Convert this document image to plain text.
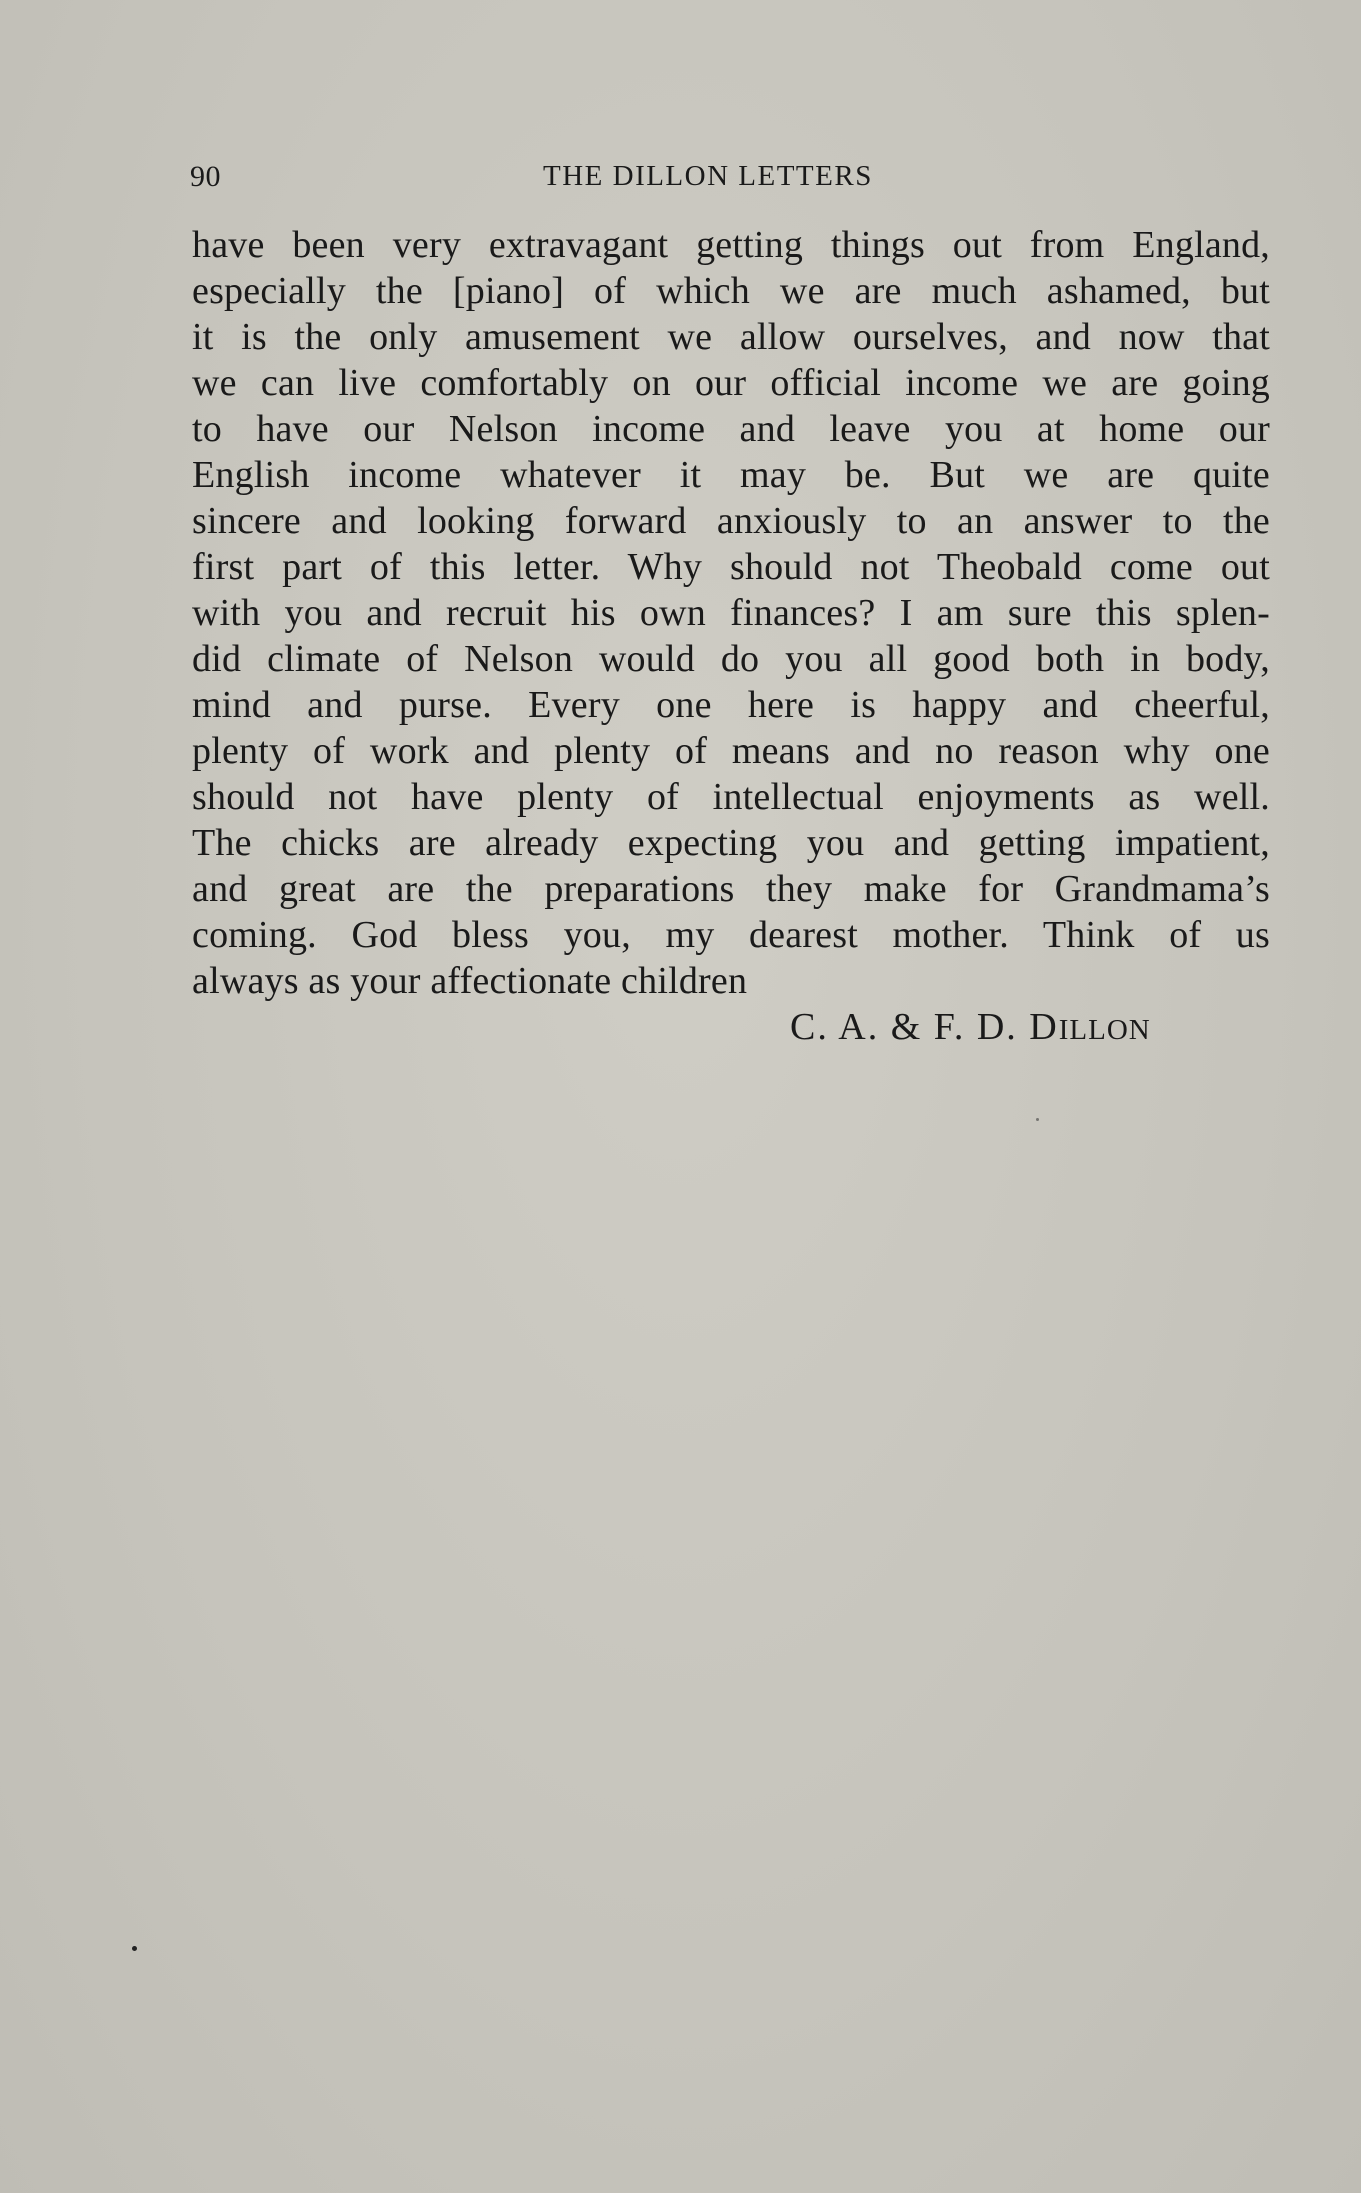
90	THE DILLON LETTERS
have been very extravagant getting things out from England,
especially the [piano] of which we are much ashamed, but
it is the only amusement we allow ourselves, and now that
we can live comfortably on our official income we are going
to have our Nelson income and leave you at home our
English income whatever it may be. But we are quite
sincere and looking forward anxiously to an answer to the
first part of this letter. Why should not Theobald come out
with you and recruit his own finances? I am sure this splen-
did climate of Nelson would do you all good both in body,
mind and purse. Every one here is happy and cheerful,
plenty of work and plenty of means and no reason why one
should not have plenty of intellectual enjoyments as well.
The chicks are already expecting you and getting impatient,
and great are the preparations they make for Grandmama’s
coming. God bless you, my dearest mother. Think of us
always as your affectionate children
C. A. & F. D. DILLON
